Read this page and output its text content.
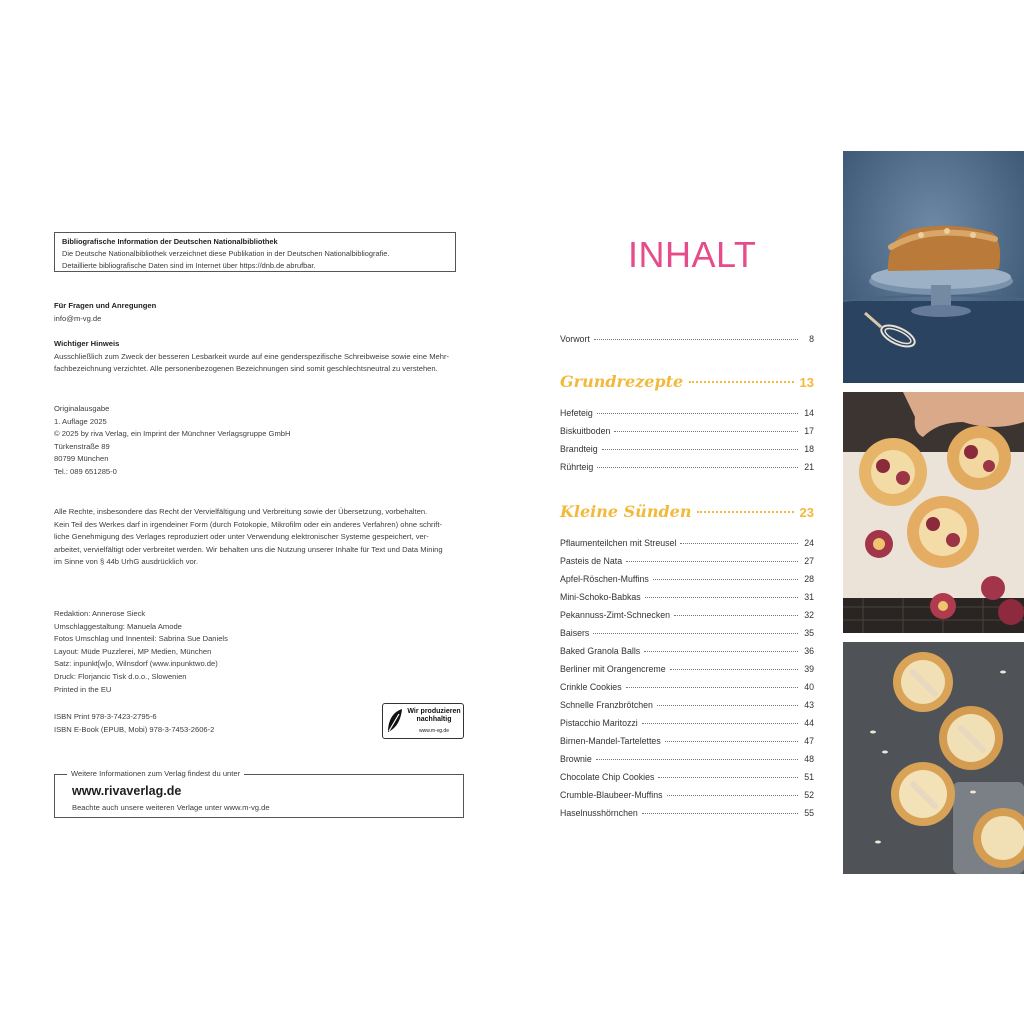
Bibliografische Information der Deutschen Nationalbibliothek
Die Deutsche Nationalbibliothek verzeichnet diese Publikation in der Deutschen Nationalbibliografie.
Detaillierte bibliografische Daten sind im Internet über https://dnb.de abrufbar.
Für Fragen und Anregungen
info@m-vg.de
Wichtiger Hinweis
Ausschließlich zum Zweck der besseren Lesbarkeit wurde auf eine genderspezifische Schreibweise sowie eine Mehr-
fachbezeichnung verzichtet. Alle personenbezogenen Bezeichnungen sind somit geschlechtsneutral zu verstehen.
Originalausgabe
1. Auflage 2025
© 2025 by riva Verlag, ein Imprint der Münchner Verlagsgruppe GmbH
Türkenstraße 89
80799 München
Tel.: 089 651285-0
Alle Rechte, insbesondere das Recht der Vervielfältigung und Verbreitung sowie der Übersetzung, vorbehalten.
Kein Teil des Werkes darf in irgendeiner Form (durch Fotokopie, Mikrofilm oder ein anderes Verfahren) ohne schrift-
liche Genehmigung des Verlages reproduziert oder unter Verwendung elektronischer Systeme gespeichert, ver-
arbeitet, vervielfältigt oder verbreitet werden. Wir behalten uns die Nutzung unserer Inhalte für Text und Data Mining
im Sinne von § 44b UrhG ausdrücklich vor.
Redaktion: Annerose Sieck
Umschlaggestaltung: Manuela Amode
Fotos Umschlag und Innenteil: Sabrina Sue Daniels
Layout: Müde Puzzlerei, MP Medien, München
Satz: inpunkt[w]o, Wilnsdorf (www.inpunktwo.de)
Druck: Florjancic Tisk d.o.o., Slowenien
Printed in the EU
ISBN Print 978-3-7423-2795-6
ISBN E-Book (EPUB, Mobi) 978-3-7453-2606-2
Wir produzieren nachhaltig
www.m-vg.de
Weitere Informationen zum Verlag findest du unter
www.rivaverlag.de
Beachte auch unsere weiteren Verlage unter www.m-vg.de
INHALT
Vorwort	8
Grundrezepte	13
Hefeteig	14
Biskuitboden	17
Brandteig	18
Rührteig	21
Kleine Sünden	23
Pflaumenteilchen mit Streusel	24
Pasteis de Nata	27
Apfel-Röschen-Muffins	28
Mini-Schoko-Babkas	31
Pekannuss-Zimt-Schnecken	32
Baisers	35
Baked Granola Balls	36
Berliner mit Orangencreme	39
Crinkle Cookies	40
Schnelle Franzbrötchen	43
Pistacchio Maritozzi	44
Birnen-Mandel-Tartelettes	47
Brownie	48
Chocolate Chip Cookies	51
Crumble-Blaubeer-Muffins	52
Haselnusshörnchen	55
